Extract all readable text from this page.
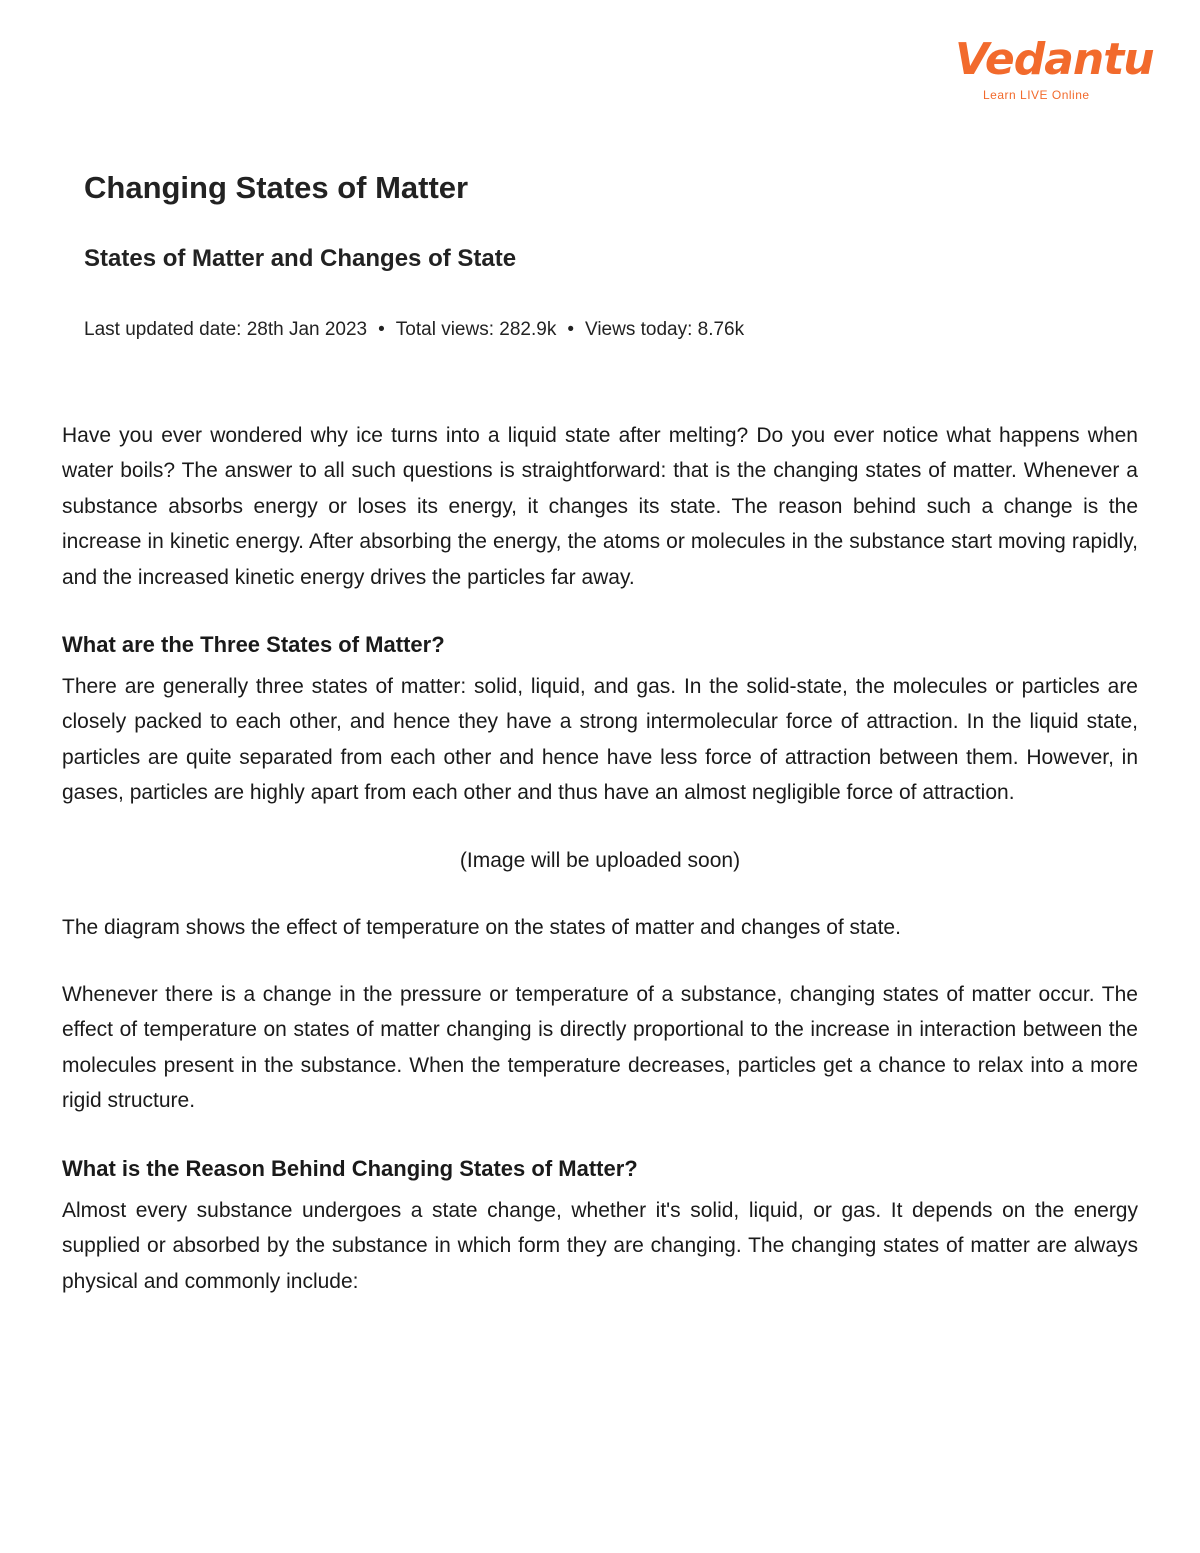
Vedantu
Learn LIVE Online
Changing States of Matter
States of Matter and Changes of State
Last updated date: 28th Jan 2023 • Total views: 282.9k • Views today: 8.76k

Have you ever wondered why ice turns into a liquid state after melting? Do you ever notice what happens when water boils? The answer to all such questions is straightforward: that is the changing states of matter. Whenever a substance absorbs energy or loses its energy, it changes its state. The reason behind such a change is the increase in kinetic energy. After absorbing the energy, the atoms or molecules in the substance start moving rapidly, and the increased kinetic energy drives the particles far away.

What are the Three States of Matter?

There are generally three states of matter: solid, liquid, and gas. In the solid-state, the molecules or particles are closely packed to each other, and hence they have a strong intermolecular force of attraction. In the liquid state, particles are quite separated from each other and hence have less force of attraction between them. However, in gases, particles are highly apart from each other and thus have an almost negligible force of attraction.

(Image will be uploaded soon)

The diagram shows the effect of temperature on the states of matter and changes of state.

Whenever there is a change in the pressure or temperature of a substance, changing states of matter occur. The effect of temperature on states of matter changing is directly proportional to the increase in interaction between the molecules present in the substance. When the temperature decreases, particles get a chance to relax into a more rigid structure.

What is the Reason Behind Changing States of Matter?

Almost every substance undergoes a state change, whether it's solid, liquid, or gas. It depends on the energy supplied or absorbed by the substance in which form they are changing. The changing states of matter are always physical and commonly include:
